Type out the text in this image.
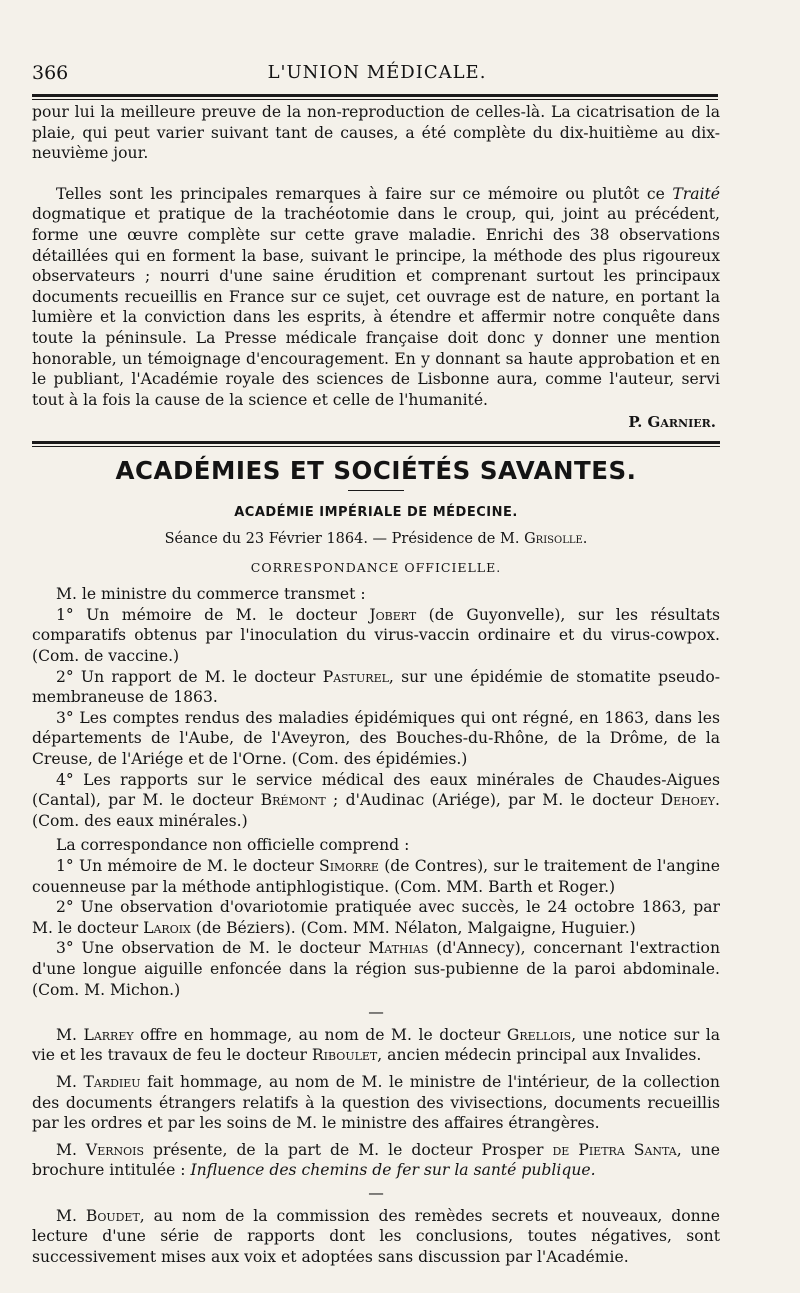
366	L'UNION MÉDICALE.

pour lui la meilleure preuve de la non-reproduction de celles-là. La cicatrisation de la plaie, qui peut varier suivant tant de causes, a été complète du dix-huitième au dix-neuvième jour.

Telles sont les principales remarques à faire sur ce mémoire ou plutôt ce Traité dogmatique et pratique de la trachéotomie dans le croup, qui, joint au précédent, forme une œuvre complète sur cette grave maladie. Enrichi des 38 observations détaillées qui en forment la base, suivant le principe, la méthode des plus rigoureux observateurs ; nourri d'une saine érudition et comprenant surtout les principaux documents recueillis en France sur ce sujet, cet ouvrage est de nature, en portant la lumière et la conviction dans les esprits, à étendre et affermir notre conquête dans toute la péninsule. La Presse médicale française doit donc y donner une mention honorable, un témoignage d'encouragement. En y donnant sa haute approbation et en le publiant, l'Académie royale des sciences de Lisbonne aura, comme l'auteur, servi tout à la fois la cause de la science et celle de l'humanité.

P. Garnier.
ACADÉMIES ET SOCIÉTÉS SAVANTES.
ACADÉMIE IMPÉRIALE DE MÉDECINE.
Séance du 23 Février 1864. — Présidence de M. Grisolle.
CORRESPONDANCE OFFICIELLE.

M. le ministre du commerce transmet :

1° Un mémoire de M. le docteur Jobert (de Guyonvelle), sur les résultats comparatifs obtenus par l'inoculation du virus-vaccin ordinaire et du virus-cowpox. (Com. de vaccine.)

2° Un rapport de M. le docteur Pasturel, sur une épidémie de stomatite pseudo-membraneuse de 1863.

3° Les comptes rendus des maladies épidémiques qui ont régné, en 1863, dans les départements de l'Aube, de l'Aveyron, des Bouches-du-Rhône, de la Drôme, de la Creuse, de l'Ariége et de l'Orne. (Com. des épidémies.)

4° Les rapports sur le service médical des eaux minérales de Chaudes-Aigues (Cantal), par M. le docteur Brémont ; d'Audinac (Ariége), par M. le docteur Dehoey. (Com. des eaux minérales.)

La correspondance non officielle comprend :

1° Un mémoire de M. le docteur Simorre (de Contres), sur le traitement de l'angine couenneuse par la méthode antiphlogistique. (Com. MM. Barth et Roger.)

2° Une observation d'ovariotomie pratiquée avec succès, le 24 octobre 1863, par M. le docteur Laroix (de Béziers). (Com. MM. Nélaton, Malgaigne, Huguier.)

3° Une observation de M. le docteur Mathias (d'Annecy), concernant l'extraction d'une longue aiguille enfoncée dans la région sus-pubienne de la paroi abdominale. (Com. M. Michon.)

—

M. Larrey offre en hommage, au nom de M. le docteur Grellois, une notice sur la vie et les travaux de feu le docteur Riboulet, ancien médecin principal aux Invalides.

M. Tardieu fait hommage, au nom de M. le ministre de l'intérieur, de la collection des documents étrangers relatifs à la question des vivisections, documents recueillis par les ordres et par les soins de M. le ministre des affaires étrangères.

M. Vernois présente, de la part de M. le docteur Prosper de Pietra Santa, une brochure intitulée : Influence des chemins de fer sur la santé publique.

—

M. Boudet, au nom de la commission des remèdes secrets et nouveaux, donne lecture d'une série de rapports dont les conclusions, toutes négatives, sont successivement mises aux voix et adoptées sans discussion par l'Académie.
